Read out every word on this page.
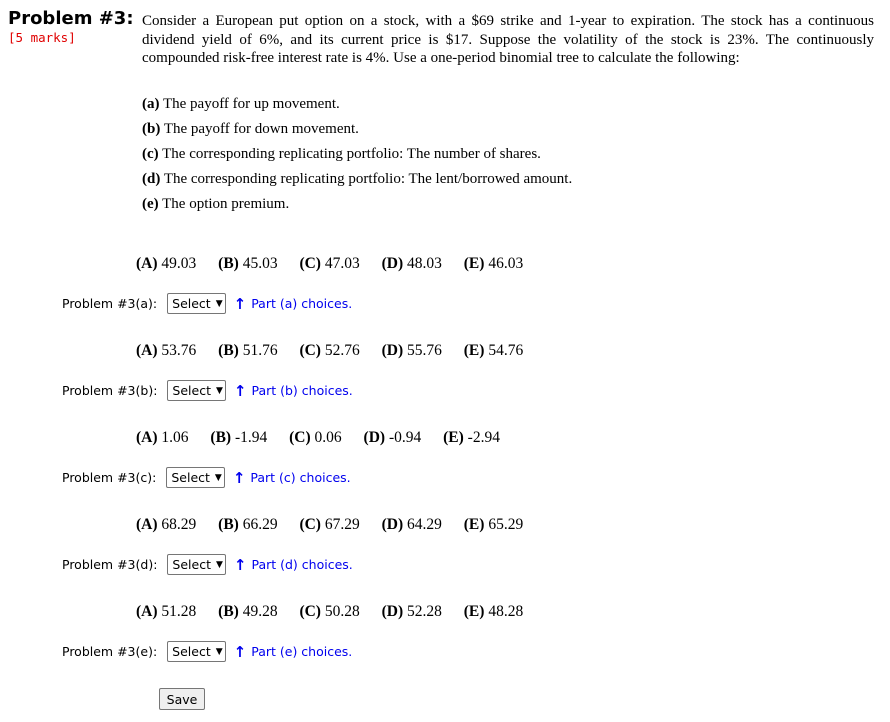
Problem #3:
[5 marks]
Consider a European put option on a stock, with a $69 strike and 1-year to expiration. The stock has a continuous dividend yield of 6%, and its current price is $17. Suppose the volatility of the stock is 23%. The continuously compounded risk-free interest rate is 4%. Use a one-period binomial tree to calculate the following:
(a) The payoff for up movement.
(b) The payoff for down movement.
(c) The corresponding replicating portfolio: The number of shares.
(d) The corresponding replicating portfolio: The lent/borrowed amount.
(e) The option premium.
(A) 49.03 (B) 45.03 (C) 47.03 (D) 48.03 (E) 46.03
Problem #3(a): Select ▼ ↑ Part (a) choices.
(A) 53.76 (B) 51.76 (C) 52.76 (D) 55.76 (E) 54.76
Problem #3(b): Select ▼ ↑ Part (b) choices.
(A) 1.06 (B) -1.94 (C) 0.06 (D) -0.94 (E) -2.94
Problem #3(c): Select ▼ ↑ Part (c) choices.
(A) 68.29 (B) 66.29 (C) 67.29 (D) 64.29 (E) 65.29
Problem #3(d): Select ▼ ↑ Part (d) choices.
(A) 51.28 (B) 49.28 (C) 50.28 (D) 52.28 (E) 48.28
Problem #3(e): Select ▼ ↑ Part (e) choices.
Save
